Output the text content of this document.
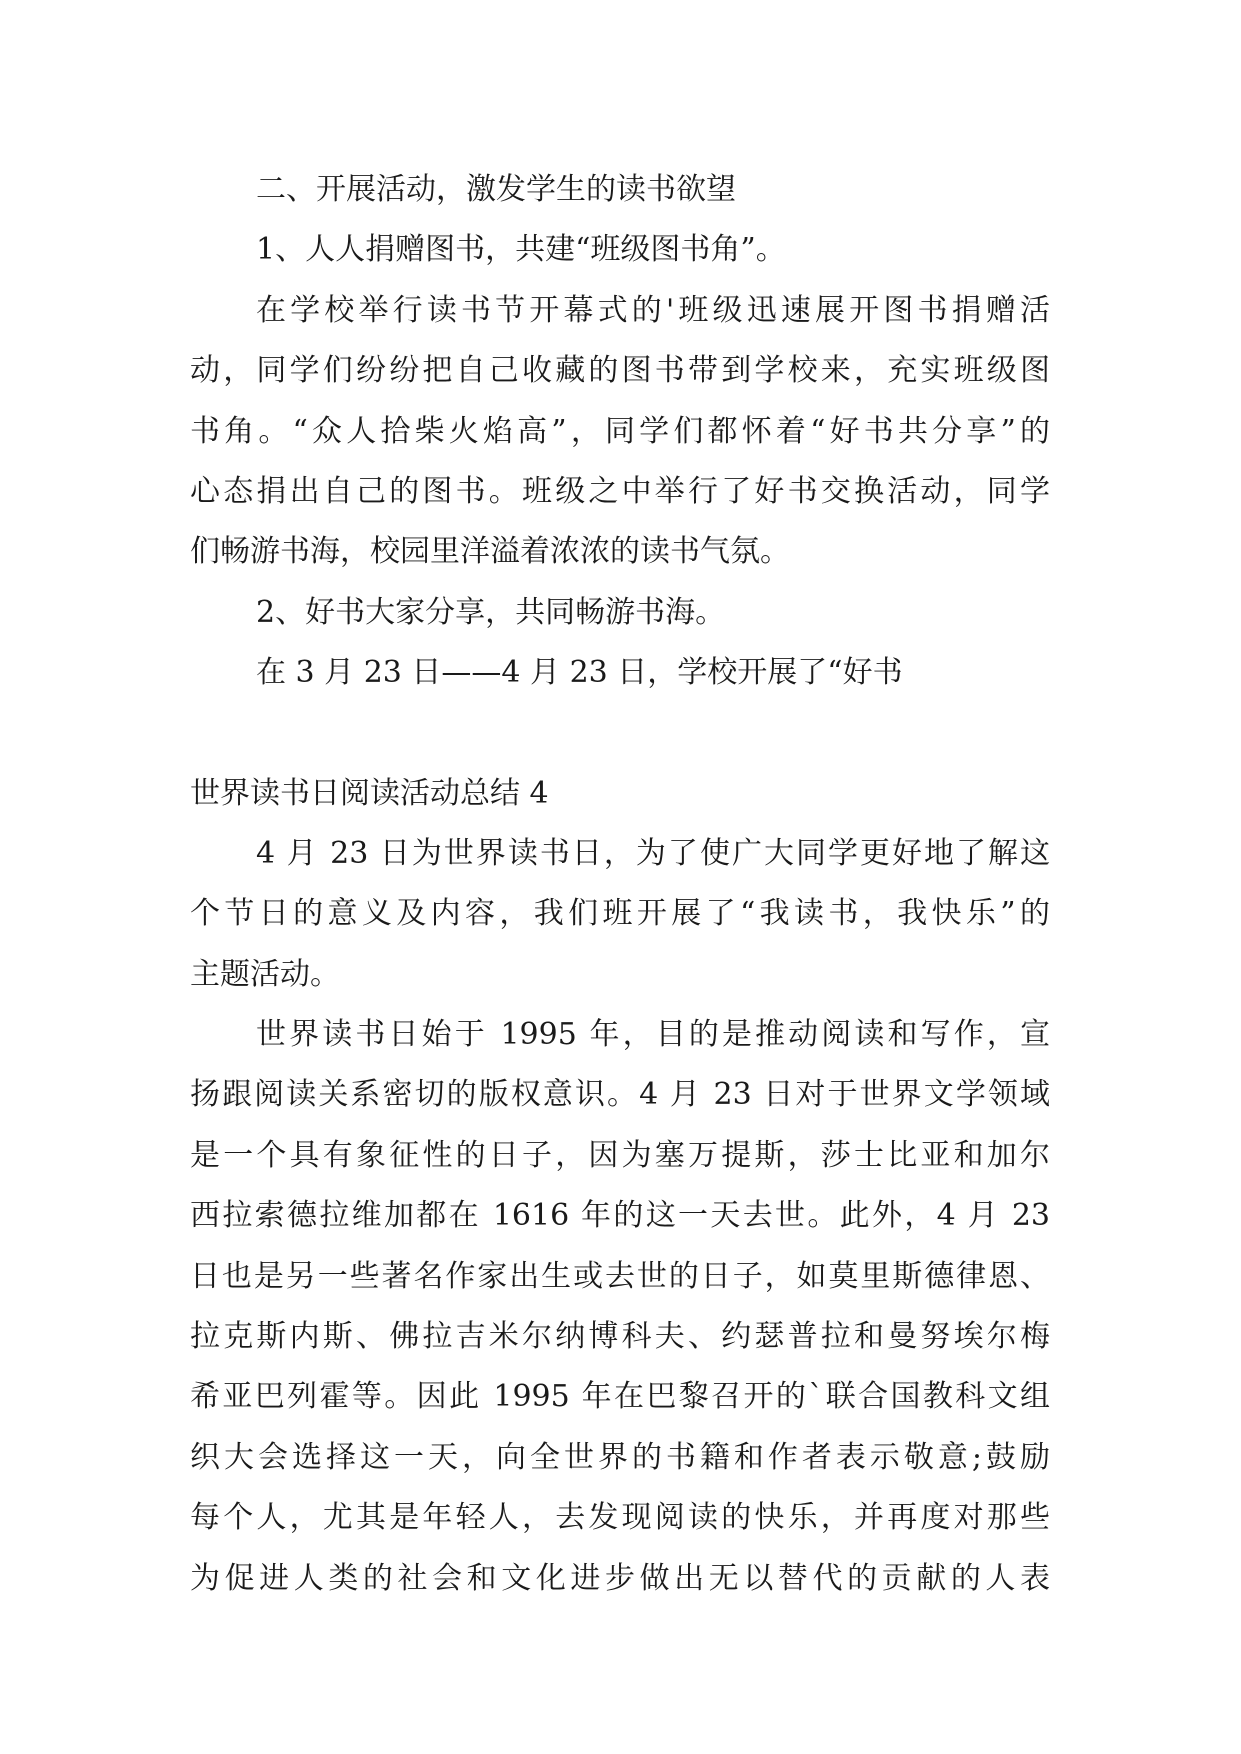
二、开展活动，激发学生的读书欲望
1、人人捐赠图书，共建“班级图书角”。
在学校举行读书节开幕式的'班级迅速展开图书捐赠活
动，同学们纷纷把自己收藏的图书带到学校来，充实班级图
书角。“众人拾柴火焰高”，同学们都怀着“好书共分享”的
心态捐出自己的图书。班级之中举行了好书交换活动，同学
们畅游书海，校园里洋溢着浓浓的读书气氛。
2、好书大家分享，共同畅游书海。
在 3 月 23 日——4 月 23 日，学校开展了“好书
世界读书日阅读活动总结 4
4 月 23 日为世界读书日，为了使广大同学更好地了解这
个节日的意义及内容，我们班开展了“我读书，我快乐”的
主题活动。
世界读书日始于 1995 年，目的是推动阅读和写作，宣
扬跟阅读关系密切的版权意识。4 月 23 日对于世界文学领域
是一个具有象征性的日子，因为塞万提斯，莎士比亚和加尔
西拉索德拉维加都在 1616 年的这一天去世。此外，4 月 23
日也是另一些著名作家出生或去世的日子，如莫里斯德律恩、
拉克斯内斯、佛拉吉米尔纳博科夫、约瑟普拉和曼努埃尔梅
希亚巴列霍等。因此 1995 年在巴黎召开的`联合国教科文组
织大会选择这一天，向全世界的书籍和作者表示敬意;鼓励
每个人，尤其是年轻人，去发现阅读的快乐，并再度对那些
为促进人类的社会和文化进步做出无以替代的贡献的人表
